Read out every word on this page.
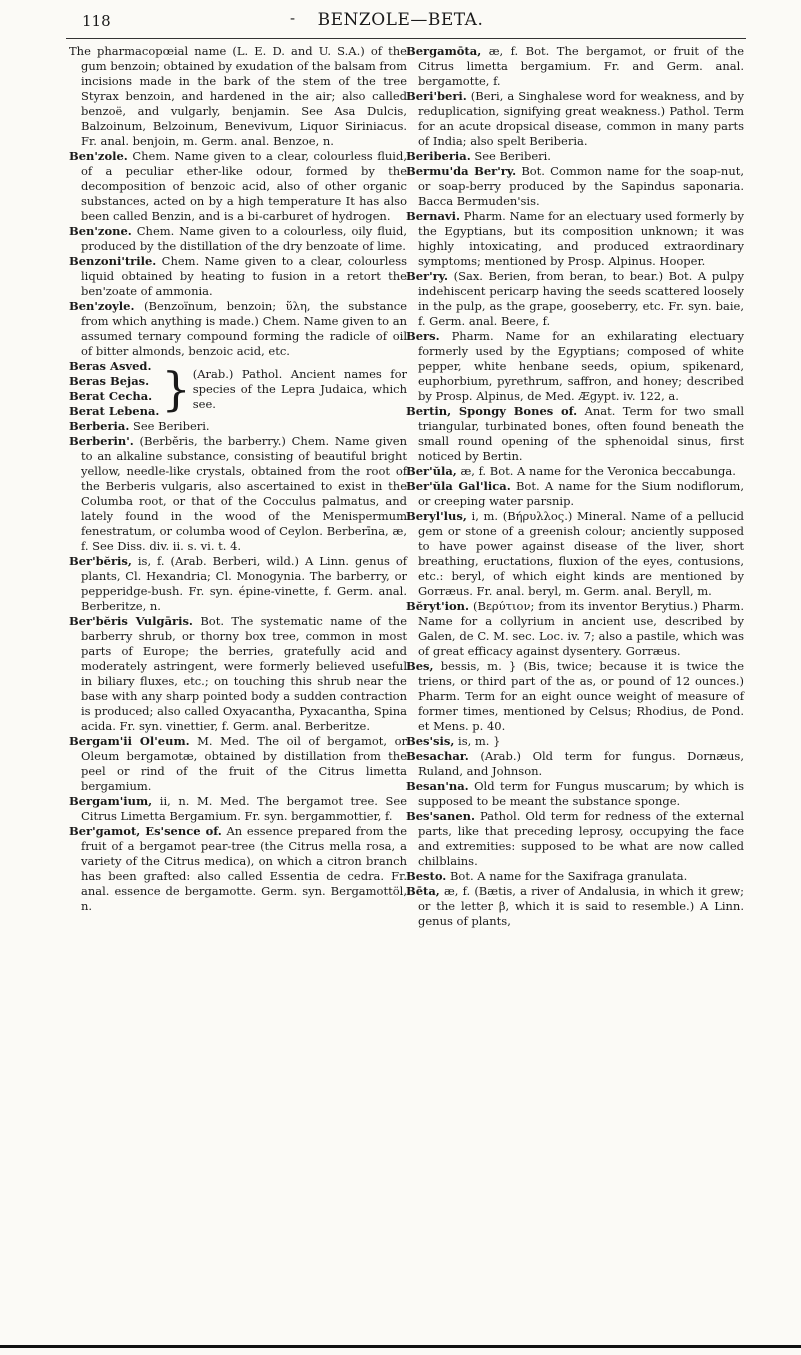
118	-	BENZOLE—BETA.
The pharmacopœial name (L. E. D. and U. S.A.) of the gum benzoin; obtained by exudation of the balsam from incisions made in the bark of the stem of the tree Styrax benzoin, and hardened in the air; also called benzoë, and vulgarly, benjamin. See Asa Dulcis, Balzoinum, Belzoinum, Benevivum, Liquor Siriniacus. Fr. anal. benjoin, m. Germ. anal. Benzoe, n.
Ben'zole. Chem. Name given to a clear, colourless fluid, of a peculiar ether-like odour, formed by the decomposition of benzoic acid, also of other organic substances, acted on by a high temperature It has also been called Benzin, and is a bi-carburet of hydrogen.
Ben'zone. Chem. Name given to a colourless, oily fluid, produced by the distillation of the dry benzoate of lime.
Benzoni'trile. Chem. Name given to a clear, colourless liquid obtained by heating to fusion in a retort the ben'zoate of ammonia.
Ben'zoyle. (Benzoïnum, benzoin; ὕλη, the substance from which anything is made.) Chem. Name given to an assumed ternary compound forming the radicle of oil of bitter almonds, benzoic acid, etc.
Beras Asved.
Beras Bejas.
Berat Cecha.
Berat Lebena. } (Arab.) Pathol. Ancient names for species of the Lepra Judaica, which see.
Berberia. See Beriberi.
Berberin'. (Berbĕris, the barberry.) Chem. Name given to an alkaline substance, consisting of beautiful bright yellow, needle-like crystals, obtained from the root of the Berberis vulgaris, also ascertained to exist in the Columba root, or that of the Cocculus palmatus, and lately found in the wood of the Menispermum fenestratum, or columba wood of Ceylon. Berberīna, æ, f. See Diss. div. ii. s. vi. t. 4.
Ber'bĕris, is, f. (Arab. Berberi, wild.) A Linn. genus of plants, Cl. Hexandria; Cl. Monogynia. The barberry, or pepperidge-bush. Fr. syn. épine-vinette, f. Germ. anal. Berberitze, n.
Ber'bĕris Vulgāris. Bot. The systematic name of the barberry shrub, or thorny box tree, common in most parts of Europe; the berries, gratefully acid and moderately astringent, were formerly believed useful in biliary fluxes, etc.; on touching this shrub near the base with any sharp pointed body a sudden contraction is produced; also called Oxyacantha, Pyxacantha, Spina acida. Fr. syn. vinettier, f. Germ. anal. Berberitze.
Bergam'ii Ol'eum. M. Med. The oil of bergamot, or Oleum bergamotæ, obtained by distillation from the peel or rind of the fruit of the Citrus limetta bergamium.
Bergam'ium, ii, n. M. Med. The bergamot tree. See Citrus Limetta Bergamium. Fr. syn. bergammottier, f.
Ber'gamot, Es'sence of. An essence prepared from the fruit of a bergamot pear-tree (the Citrus mella rosa, a variety of the Citrus medica), on which a citron branch has been grafted: also called Essentia de cedra. Fr. anal. essence de bergamotte. Germ. syn. Bergamottöl, n.
Bergamōta, æ, f. Bot. The bergamot, or fruit of the Citrus limetta bergamium. Fr. and Germ. anal. bergamotte, f.
Beri'beri. (Beri, a Singhalese word for weakness, and by reduplication, signifying great weakness.) Pathol. Term for an acute dropsical disease, common in many parts of India; also spelt Beriberia.
Beriberia. See Beriberi.
Bermu'da Ber'ry. Bot. Common name for the soap-nut, or soap-berry produced by the Sapindus saponaria. Bacca Bermuden'sis.
Bernavi. Pharm. Name for an electuary used formerly by the Egyptians, but its composition unknown; it was highly intoxicating, and produced extraordinary symptoms; mentioned by Prosp. Alpinus. Hooper.
Ber'ry. (Sax. Berien, from beran, to bear.) Bot. A pulpy indehiscent pericarp having the seeds scattered loosely in the pulp, as the grape, gooseberry, etc. Fr. syn. baie, f. Germ. anal. Beere, f.
Bers. Pharm. Name for an exhilarating electuary formerly used by the Egyptians; composed of white pepper, white henbane seeds, opium, spikenard, euphorbium, pyrethrum, saffron, and honey; described by Prosp. Alpinus, de Med. Ægypt. iv. 122, a.
Bertin, Spongy Bones of. Anat. Term for two small triangular, turbinated bones, often found beneath the small round opening of the sphenoidal sinus, first noticed by Bertin.
Ber'ŭla, æ, f. Bot. A name for the Veronica beccabunga.
Ber'ŭla Gal'lica. Bot. A name for the Sium nodiflorum, or creeping water parsnip.
Beryl'lus, i, m. (Βήρυλλος.) Mineral. Name of a pellucid gem or stone of a greenish colour; anciently supposed to have power against disease of the liver, short breathing, eructations, fluxion of the eyes, contusions, etc.: beryl, of which eight kinds are mentioned by Gorræus. Fr. anal. beryl, m. Germ. anal. Beryll, m.
Bĕryt'ion. (Βερύτιον; from its inventor Berytius.) Pharm. Name for a collyrium in ancient use, described by Galen, de C. M. sec. Loc. iv. 7; also a pastile, which was of great efficacy against dysentery. Gorræus.
Bes, bessis, m. } (Bis, twice; because it is twice the triens, or third part of the as, or pound of 12 ounces.) Pharm. Term for an eight ounce weight of measure of former times, mentioned by Celsus; Rhodius, de Pond. et Mens. p. 40.
Bes'sis, is, m. }
Besachar. (Arab.) Old term for fungus. Dornæus, Ruland, and Johnson.
Besan'na. Old term for Fungus muscarum; by which is supposed to be meant the substance sponge.
Bes'sanen. Pathol. Old term for redness of the external parts, like that preceding leprosy, occupying the face and extremities: supposed to be what are now called chilblains.
Besto. Bot. A name for the Saxifraga granulata.
Bēta, æ, f. (Bætis, a river of Andalusia, in which it grew; or the letter β, which it is said to resemble.) A Linn. genus of plants,
